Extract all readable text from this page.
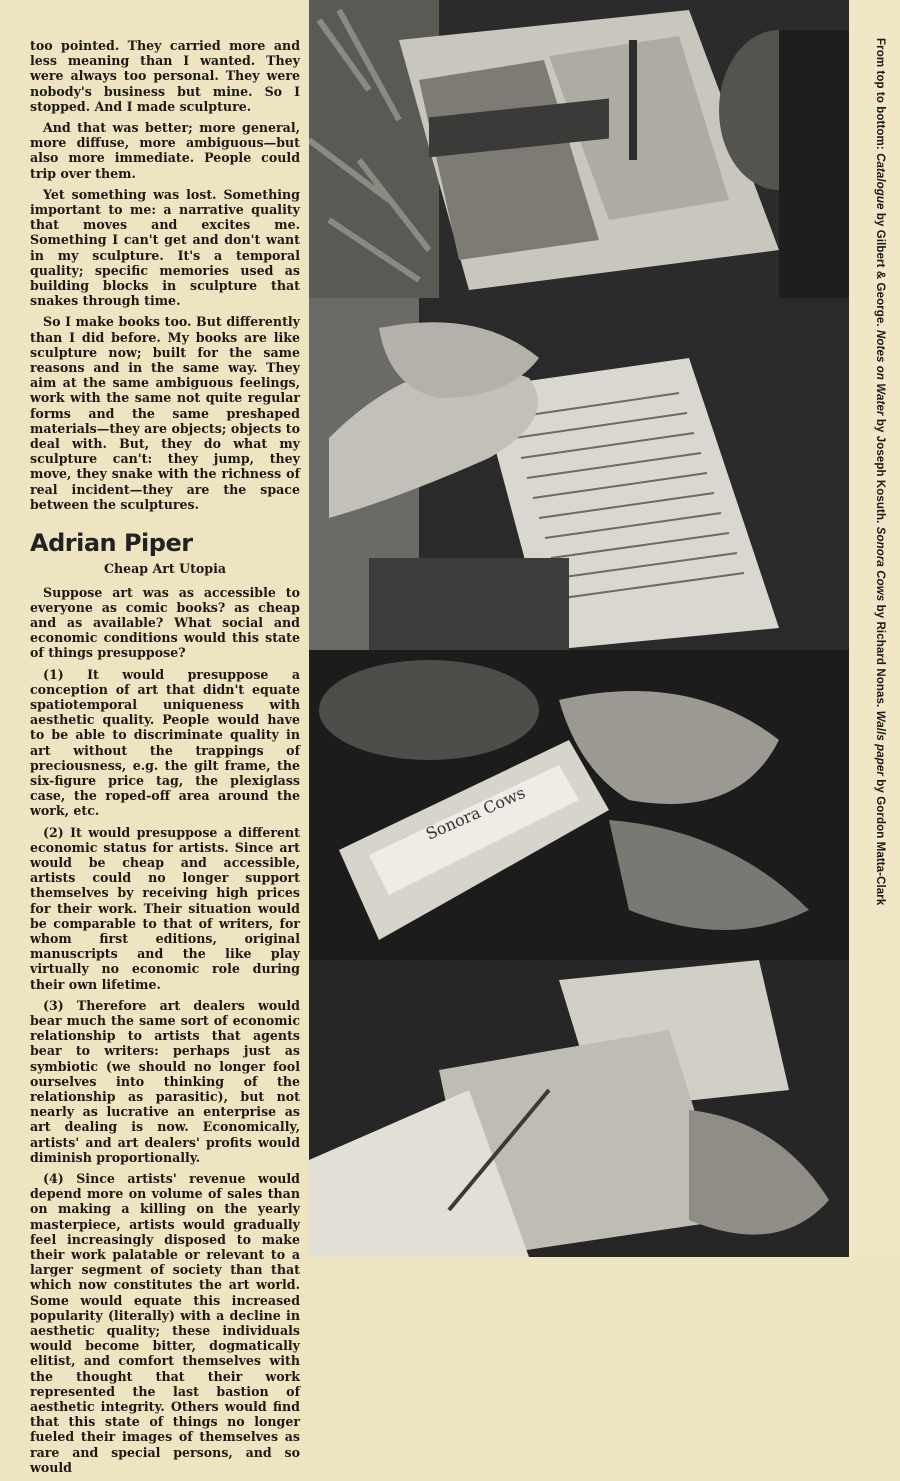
too pointed. They carried more and less meaning than I wanted. They were always too personal. They were nobody's business but mine. So I stopped. And I made sculpture.

And that was better; more general, more diffuse, more ambiguous—but also more immediate. People could trip over them.

Yet something was lost. Something important to me: a narrative quality that moves and excites me. Something I can't get and don't want in my sculpture. It's a temporal quality; specific memories used as building blocks in sculpture that snakes through time.

So I make books too. But differently than I did before. My books are like sculpture now; built for the same reasons and in the same way. They aim at the same ambiguous feelings, work with the same not quite regular forms and the same preshaped materials—they are objects; objects to deal with. But, they do what my sculpture can't: they jump, they move, they snake with the richness of real incident—they are the space between the sculptures.

Adrian Piper
Cheap Art Utopia

Suppose art was as accessible to everyone as comic books? as cheap and as available? What social and economic conditions would this state of things presuppose?

(1) It would presuppose a conception of art that didn't equate spatiotemporal uniqueness with aesthetic quality. People would have to be able to discriminate quality in art without the trappings of preciousness, e.g. the gilt frame, the six-figure price tag, the plexiglass case, the roped-off area around the work, etc.

(2) It would presuppose a different economic status for artists. Since art would be cheap and accessible, artists could no longer support themselves by receiving high prices for their work. Their situation would be comparable to that of writers, for whom first editions, original manuscripts and the like play virtually no economic role during their own lifetime.

(3) Therefore art dealers would bear much the same sort of economic relationship to artists that agents bear to writers: perhaps just as symbiotic (we should no longer fool ourselves into thinking of the relationship as parasitic), but not nearly as lucrative an enterprise as art dealing is now. Economically, artists' and art dealers' profits would diminish proportionally.

(4) Since artists' revenue would depend more on volume of sales than on making a killing on the yearly masterpiece, artists would gradually feel increasingly disposed to make their work palatable or relevant to a larger segment of society than that which now constitutes the art world. Some would equate this increased popularity (literally) with a decline in aesthetic quality; these individuals would become bitter, dogmatically elitist, and comfort themselves with the thought that their work represented the last bastion of aesthetic integrity. Others would find that this state of things no longer fueled their images of themselves as rare and special persons, and so would

Sonora Cows
From top to bottom: Catalogue by Gilbert & George. Notes on Water by Joseph Kosuth. Sonora Cows by Richard Nonas. Walls paper by Gordon Matta-Clark
